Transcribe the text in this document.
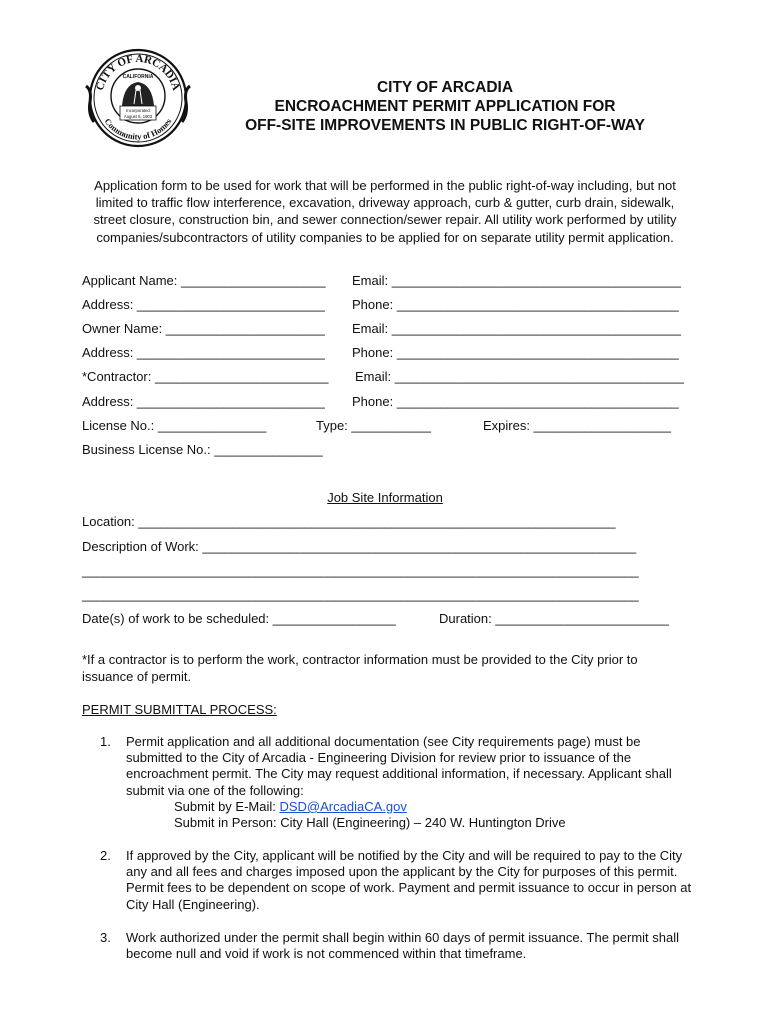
CITY OF ARCADIA
Community of Homes
CALIFORNIA
Incorporated
August 5, 1903
CITY OF ARCADIA
ENCROACHMENT PERMIT APPLICATION FOR
OFF-SITE IMPROVEMENTS IN PUBLIC RIGHT-OF-WAY
Application form to be used for work that will be performed in the public right-of-way including, but not limited to traffic flow interference, excavation, driveway approach, curb & gutter, curb drain, sidewalk, street closure, construction bin, and sewer connection/sewer repair. All utility work performed by utility companies/subcontractors of utility companies to be applied for on separate utility permit application.
Applicant Name: ____________________ Email: ________________________________________
Address: __________________________ Phone: _______________________________________
Owner Name: ______________________ Email: ________________________________________
Address: __________________________ Phone: _______________________________________
*Contractor: ________________________ Email: ________________________________________
Address: __________________________ Phone: _______________________________________
License No.: _______________	Type: ___________	Expires: ___________________
Business License No.: _______________
Job Site Information
Location: __________________________________________________________________
Description of Work: ____________________________________________________________
_____________________________________________________________________________
_____________________________________________________________________________
Date(s) of work to be scheduled: _________________	Duration: ________________________
*If a contractor is to perform the work, contractor information must be provided to the City prior to issuance of permit.
PERMIT SUBMITTAL PROCESS:
1. Permit application and all additional documentation (see City requirements page) must be submitted to the City of Arcadia - Engineering Division for review prior to issuance of the encroachment permit. The City may request additional information, if necessary. Applicant shall submit via one of the following:
Submit by E-Mail: DSD@ArcadiaCA.gov
Submit in Person: City Hall (Engineering) – 240 W. Huntington Drive
2. If approved by the City, applicant will be notified by the City and will be required to pay to the City any and all fees and charges imposed upon the applicant by the City for purposes of this permit. Permit fees to be dependent on scope of work. Payment and permit issuance to occur in person at City Hall (Engineering).
3. Work authorized under the permit shall begin within 60 days of permit issuance. The permit shall become null and void if work is not commenced within that timeframe.
